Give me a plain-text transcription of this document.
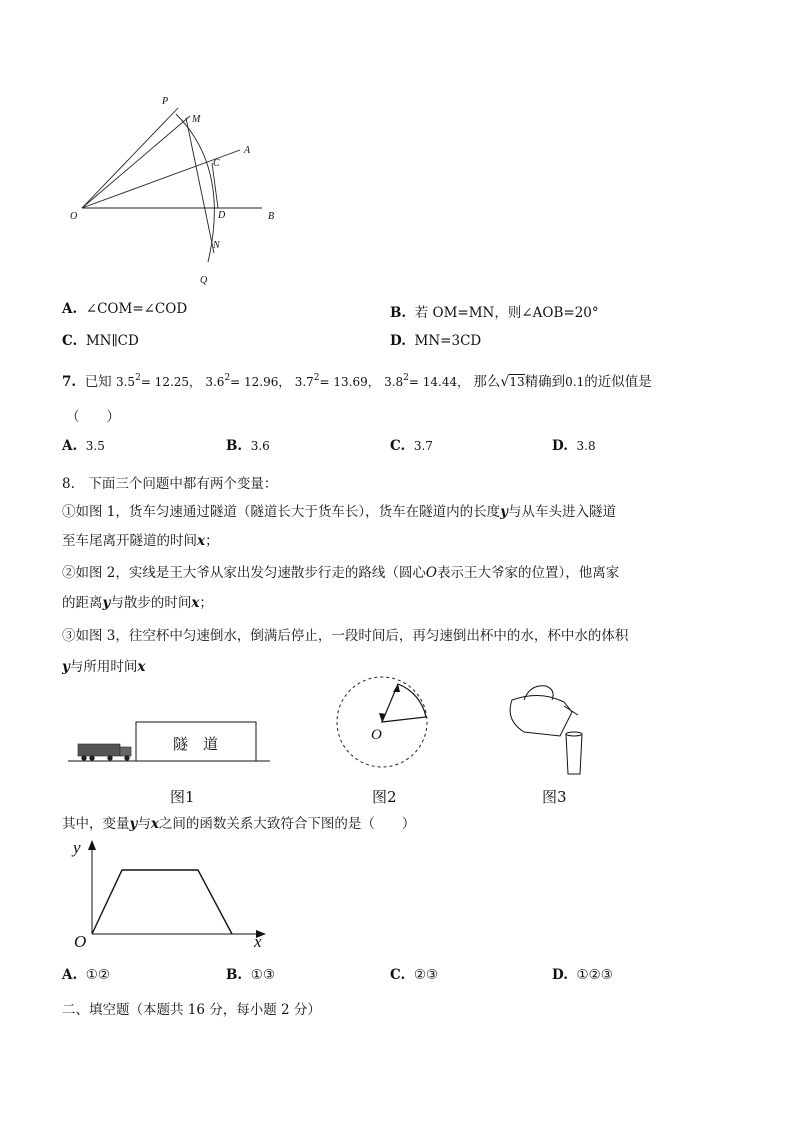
P
M
A
C
O	D	B
N
Q
A. ∠COM=∠COD	B. 若 OM=MN，则∠AOB=20°
C. MN∥CD	D. MN=3CD
7. 已知 $3.5^2= 12.25$， $3.6^2= 12.96$， $3.7^2= 13.69$， $3.8^2= 14.44$， 那么√13精确到0.1的近似值是
（　　）
A. 3.5	B. 3.6	C. 3.7	D. 3.8
8.　下面三个问题中都有两个变量：
①如图 1，货车匀速通过隧道（隧道长大于货车长），货车在隧道内的长度y与从车头进入隧道
至车尾离开隧道的时间x；
②如图 2，实线是王大爷从家出发匀速散步行走的路线（圆心O表示王大爷家的位置），他离家
的距离y与散步的时间x；
③如图 3，往空杯中匀速倒水，倒满后停止，一段时间后，再匀速倒出杯中的水，杯中水的体积
y与所用时间x
隧　道
图1
O
图2	图3
其中，变量y与x之间的函数关系大致符合下图的是（　　）
y
x
O
A. ①②	B. ①③	C. ②③	D. ①②③
二、填空题（本题共 16 分，每小题 2 分）
